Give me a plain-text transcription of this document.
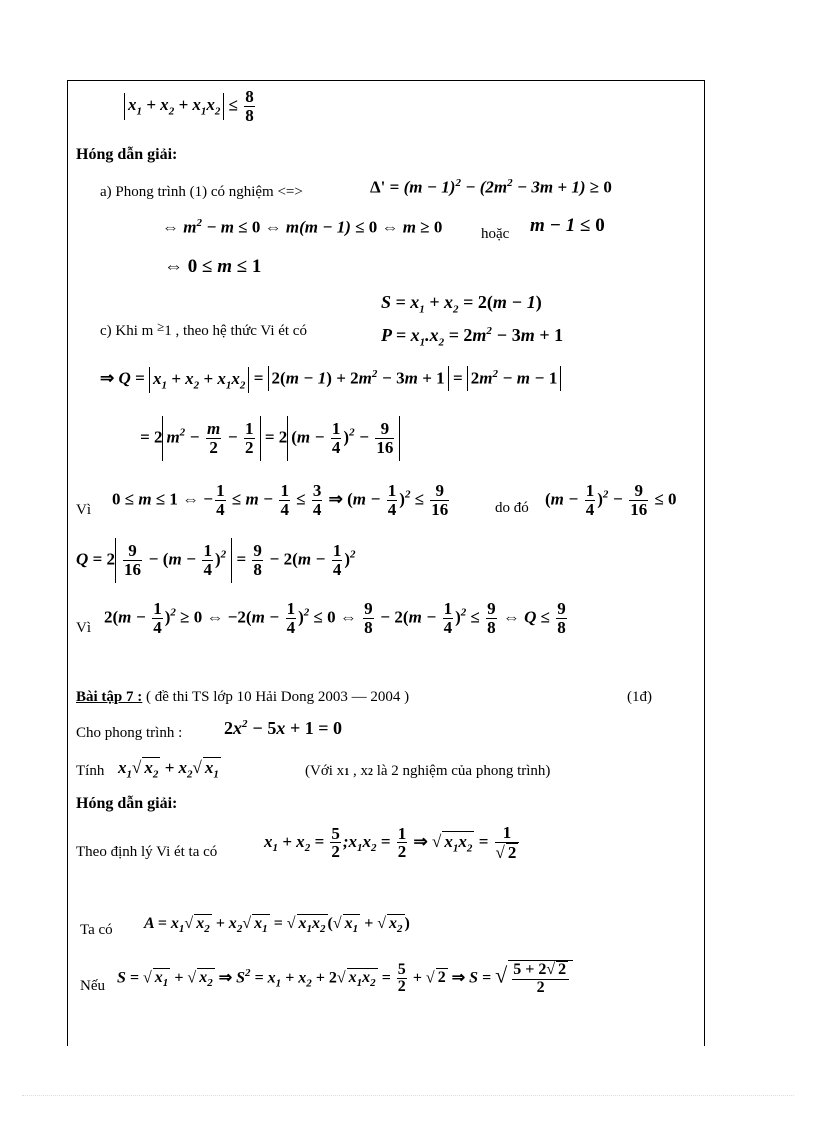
$x_1 + x_2 + x_1x_2 \le \frac{8}{8}$
Hóng dẫn giải:
a) Phong trình (1) có nghiệm <=>	$\Delta' = (m - 1)^2 - (2m^2 - 3m + 1) \ge 0$
⇔ $m^2 - m \le 0$ ⇔ m(m − 1) ≤ 0 ⇔ m ≥ 0	hoặc m − 1 ≤ 0
⇔ 0 ≤ m ≤ 1
$S = x_1 + x_2 = 2(m - 1)$
c) Khi m ≥1 , theo hệ thức Vi ét có	$P = x_1.x_2 = 2m^2 - 3m + 1$
⇒ $Q = x_1 + x_2 + x_1x_2 = 2(m - 1) + 2m^2 - 3m + 1 = 2m^2 - m - 1$
= 2 $m^2 - \frac{m}{2} - \frac{1}{2} = 2$ $(m - \frac{1}{4} )^2 - \frac{9}{16}$
Vì
0 ≤ m ≤ 1 ⇔ − $\frac{1}{4} \le m - \frac{1}{4} \le \frac{3}{4}$ ⇒ $(m - \frac{1}{4} )^2 \le \frac{9}{16}$	do đó $(m - \frac{1}{4} )^2 - \frac{9}{16} \le 0$
$Q = 2 \frac{9}{16} - (m - \frac{1}{4} )^2 = \frac{9}{8} - 2(m - \frac{1}{4} )^2$
Vì
$2(m - \frac{1}{4} )^2 \ge 0$ ⇔ $-2(m - \frac{1}{4} )^2 \le 0$ ⇔ $\frac{9}{8} - 2(m - \frac{1}{4} )^2 \le \frac{9}{8}$ ⇔ $Q \le \frac{9}{8}$
Bài tập 7 : ( đề thi TS lớp 10 Hải Dong 2003 — 2004 )	(1đ)
Cho phong trình : $2x^2 - 5x + 1 = 0$
Tính $x_1√$ $x_2 + x_2√$ $x_1$	(Với x1 , x2 là 2 nghiệm của phong trình)
Hóng dẫn giải:
Theo định lý Vi ét ta có
$x_1 + x_2 = \frac{5}{2}$ $;x_1x_2 = \frac{1}{2}$ ⇒ √ $x_1x_2 = \frac{1}{√ 2}$
Ta có $A = x_1√$ $x_2 + x_2√$ $x_1$ = √ $x_1x_2$ (√ $x_1$ + √ $x_2$ )
Nếu S = √ $x_1$ + √ $x_2$ ⇒ $S^2 = x_1 + x_2 + 2√$ $x_1x_2 = \frac{5}{2}$ + √ 2 ⇒ S = √ $\frac{5 + 2√ 2}{2}$
